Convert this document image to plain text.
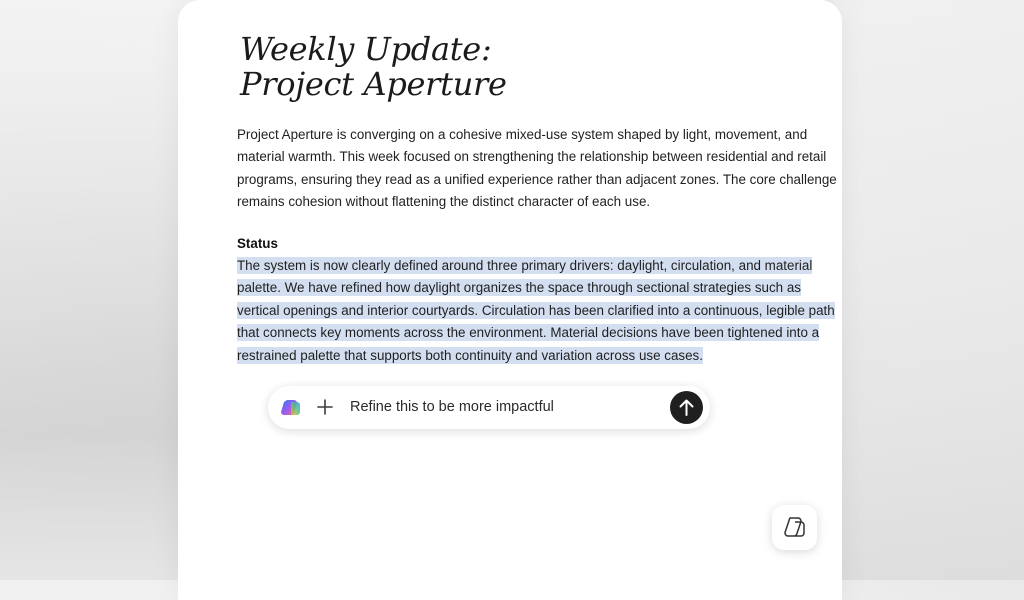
Weekly Update:
Project Aperture

Project Aperture is converging on a cohesive mixed-use system shaped by light, movement, and material warmth. This week focused on strengthening the relationship between residential and retail programs, ensuring they read as a unified experience rather than adjacent zones. The core challenge remains cohesion without flattening the distinct character of each use.

Status

The system is now clearly defined around three primary drivers: daylight, circulation, and material palette. We have refined how daylight organizes the space through sectional strategies such as vertical openings and interior courtyards. Circulation has been clarified into a continuous, legible path that connects key moments across the environment. Material decisions have been tightened into a restrained palette that supports both continuity and variation across use cases.

Refine this to be more impactful
